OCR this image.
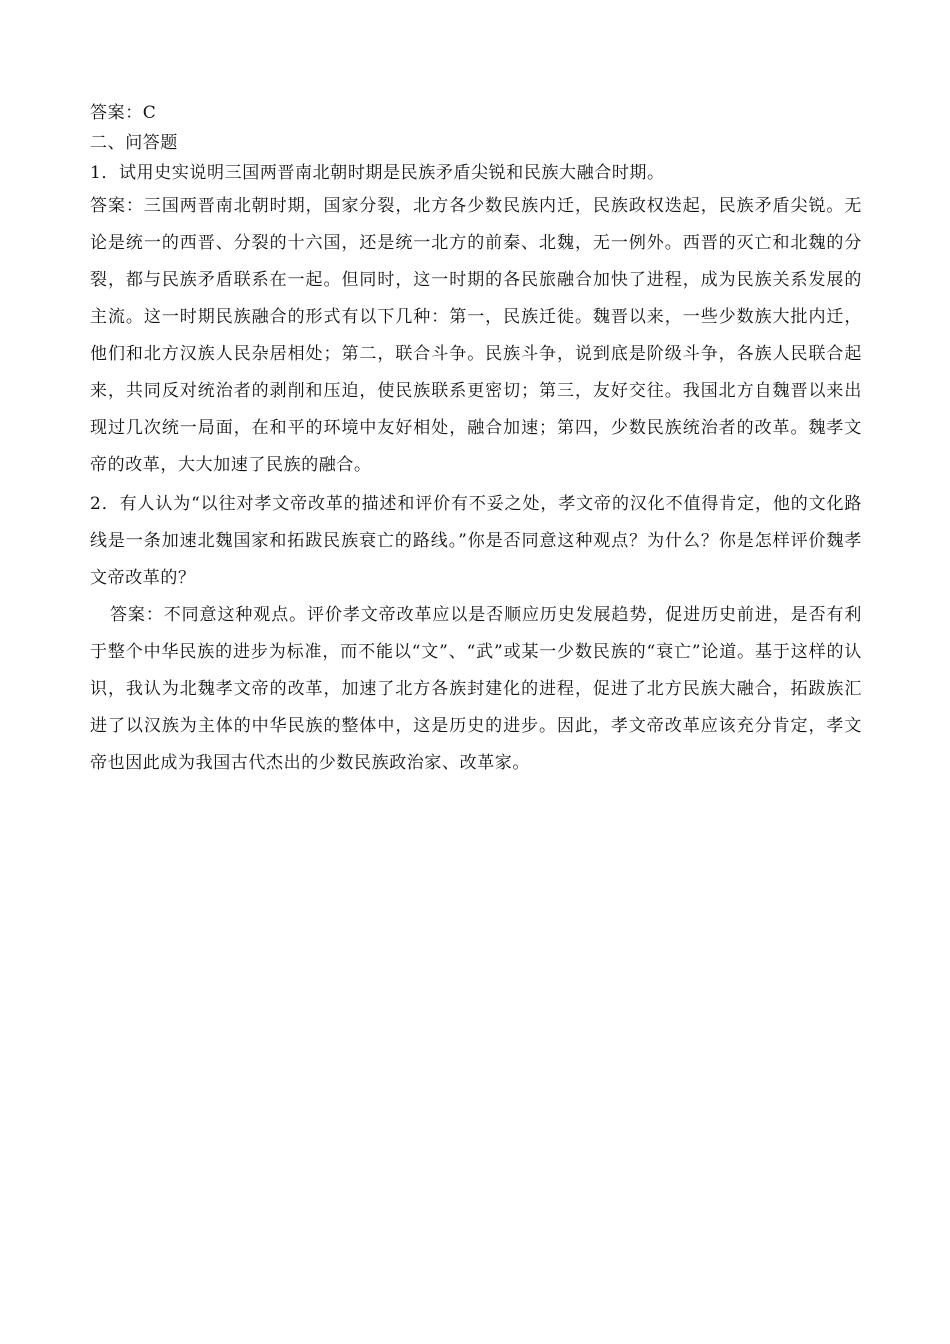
答案：C

二、问答题

1．试用史实说明三国两晋南北朝时期是民族矛盾尖锐和民族大融合时期。

答案：三国两晋南北朝时期，国家分裂，北方各少数民族内迁，民族政权迭起，民族矛盾尖锐。无论是统一的西晋、分裂的十六国，还是统一北方的前秦、北魏，无一例外。西晋的灭亡和北魏的分裂，都与民族矛盾联系在一起。但同时，这一时期的各民旅融合加快了进程，成为民族关系发展的主流。这一时期民族融合的形式有以下几种：第一，民族迁徙。魏晋以来，一些少数族大批内迁，他们和北方汉族人民杂居相处；第二，联合斗争。民族斗争，说到底是阶级斗争，各族人民联合起来，共同反对统治者的剥削和压迫，使民族联系更密切；第三，友好交往。我国北方自魏晋以来出现过几次统一局面，在和平的环境中友好相处，融合加速；第四，少数民族统治者的改革。魏孝文帝的改革，大大加速了民族的融合。

2．有人认为“以往对孝文帝改革的描述和评价有不妥之处，孝文帝的汉化不值得肯定，他的文化路线是一条加速北魏国家和拓跋民族衰亡的路线。”你是否同意这种观点？为什么？你是怎样评价魏孝文帝改革的？

答案：不同意这种观点。评价孝文帝改革应以是否顺应历史发展趋势，促进历史前进，是否有利于整个中华民族的进步为标准，而不能以“文”、“武”或某一少数民族的“衰亡”论道。基于这样的认识，我认为北魏孝文帝的改革，加速了北方各族封建化的进程，促进了北方民族大融合，拓跋族汇进了以汉族为主体的中华民族的整体中，这是历史的进步。因此，孝文帝改革应该充分肯定，孝文帝也因此成为我国古代杰出的少数民族政治家、改革家。
